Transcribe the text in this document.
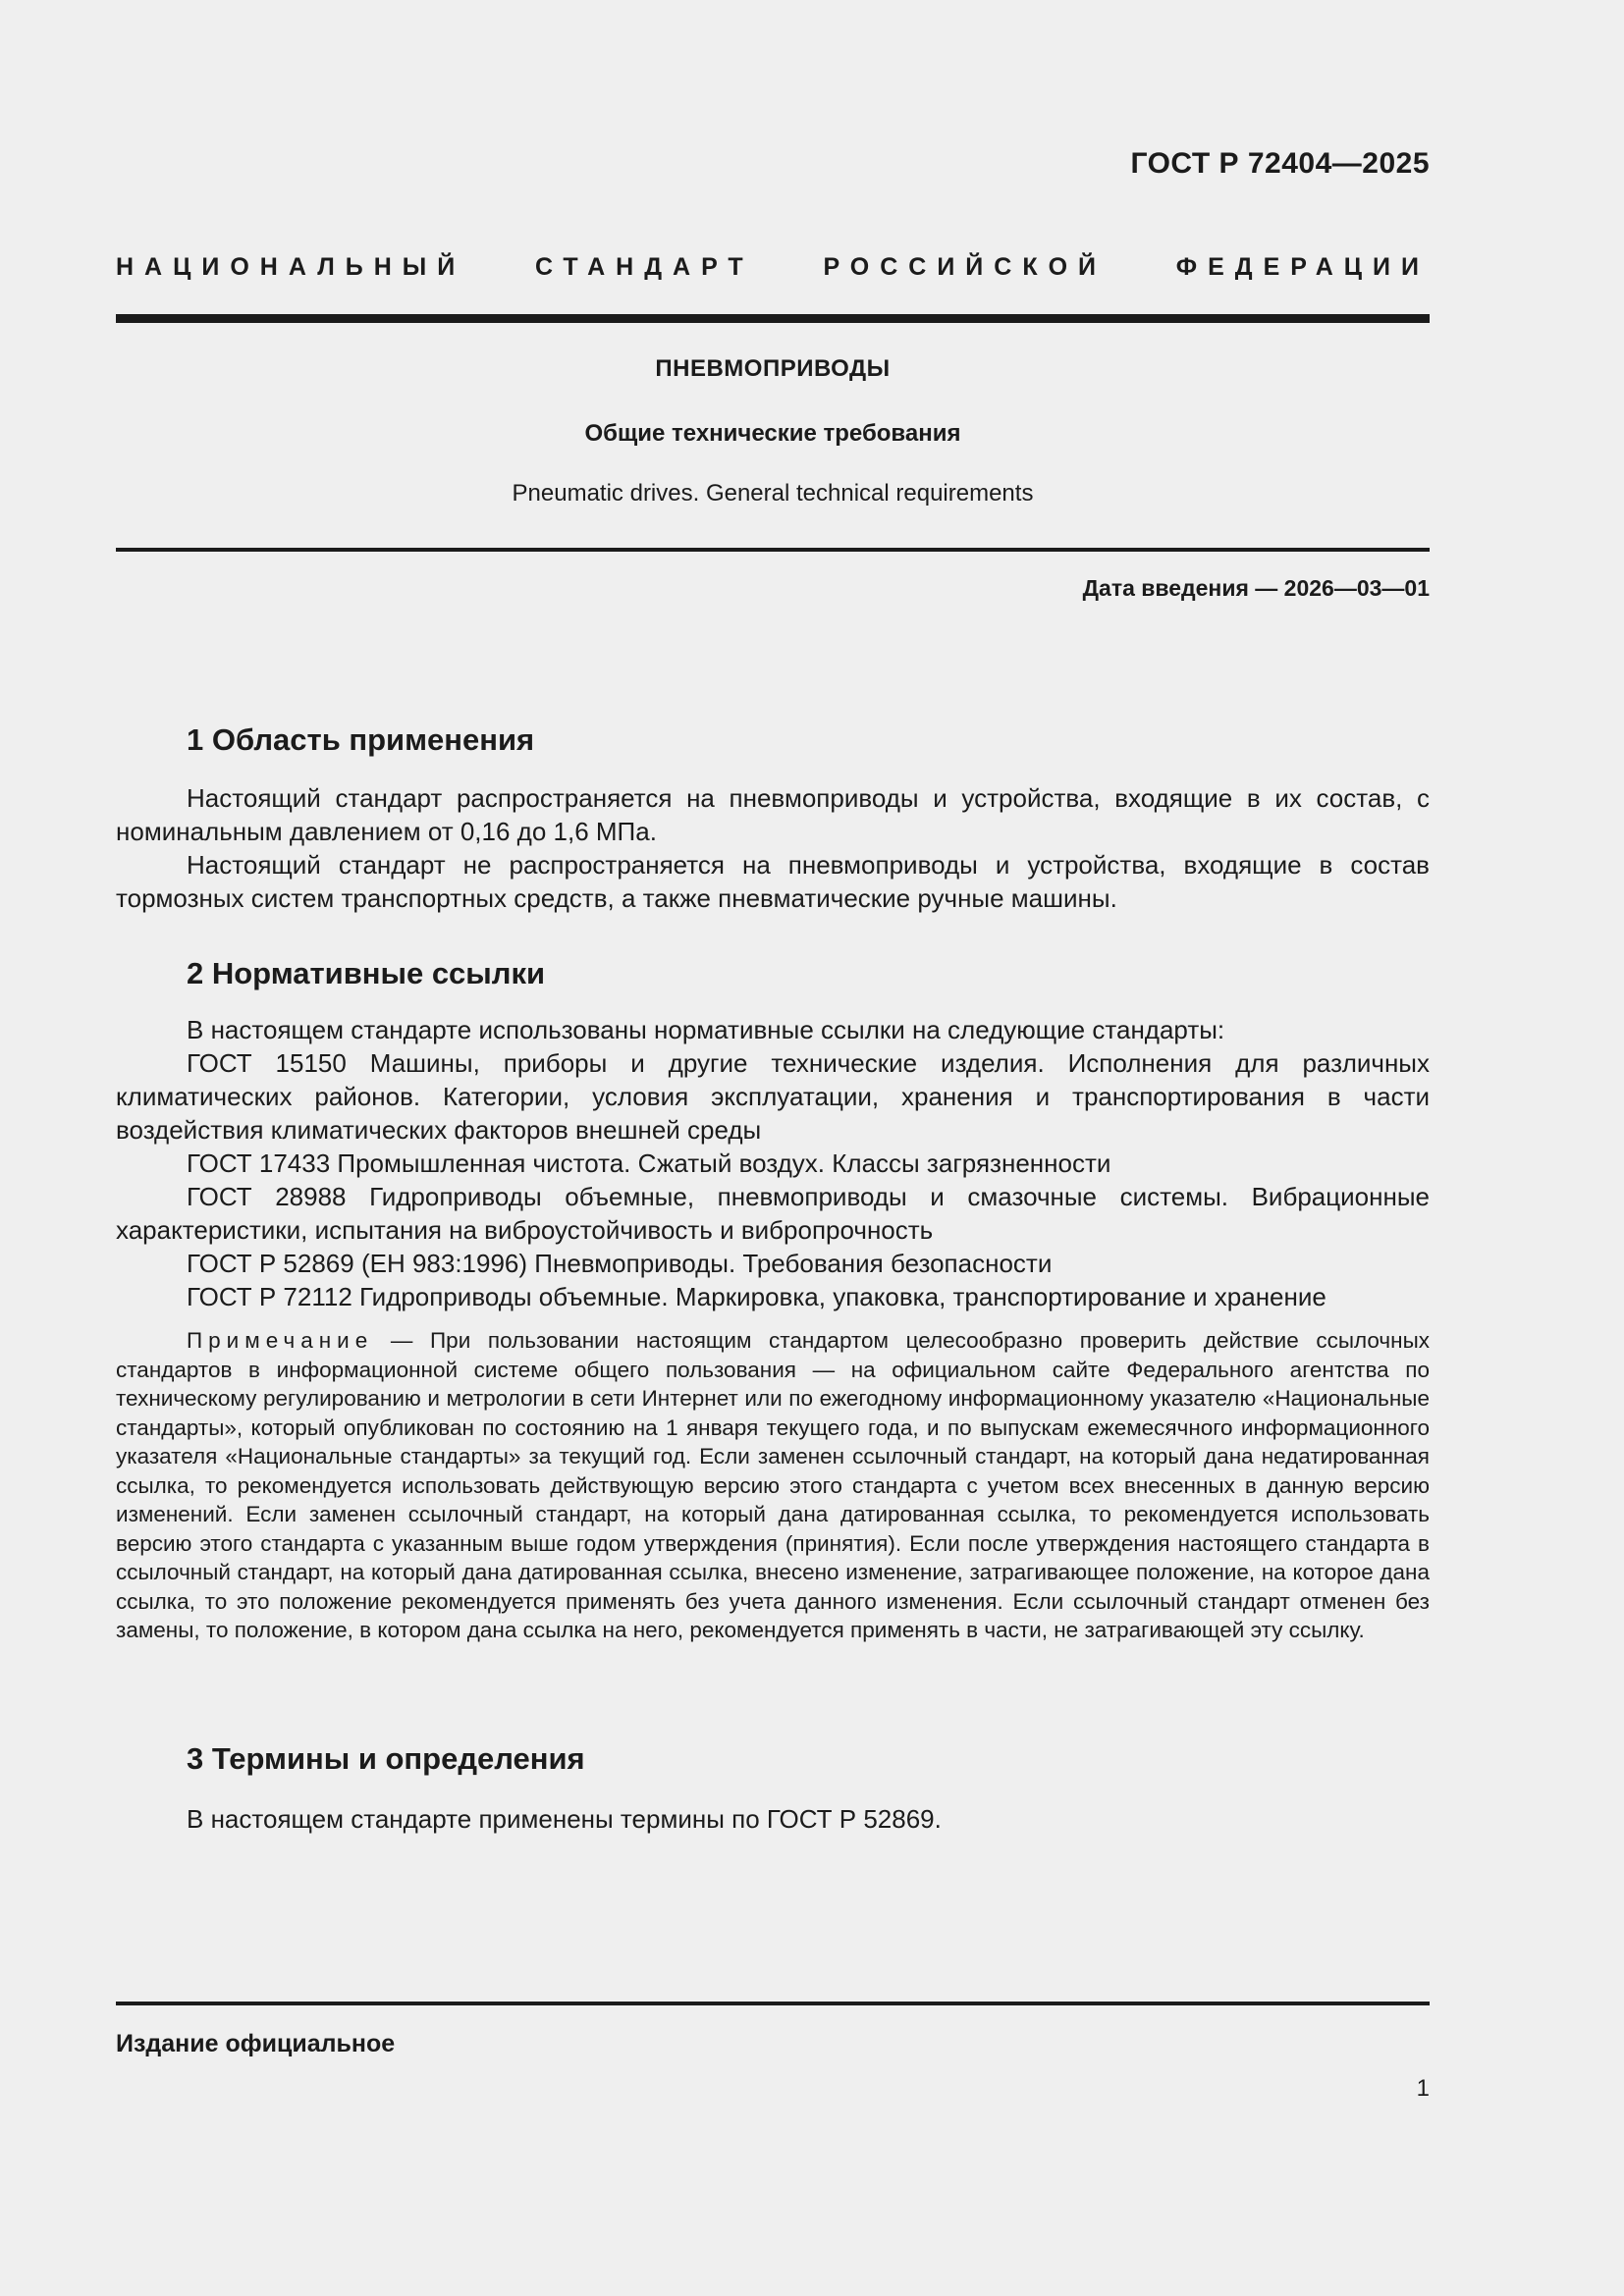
ГОСТ Р 72404—2025
НАЦИОНАЛЬНЫЙ СТАНДАРТ РОССИЙСКОЙ ФЕДЕРАЦИИ
ПНЕВМОПРИВОДЫ
Общие технические требования
Pneumatic drives. General technical requirements
Дата введения — 2026—03—01
1 Область применения

Настоящий стандарт распространяется на пневмоприводы и устройства, входящие в их состав, с номинальным давлением от 0,16 до 1,6 МПа.

Настоящий стандарт не распространяется на пневмоприводы и устройства, входящие в состав тормозных систем транспортных средств, а также пневматические ручные машины.

2 Нормативные ссылки

В настоящем стандарте использованы нормативные ссылки на следующие стандарты:

ГОСТ 15150 Машины, приборы и другие технические изделия. Исполнения для различных климатических районов. Категории, условия эксплуатации, хранения и транспортирования в части воздействия климатических факторов внешней среды

ГОСТ 17433 Промышленная чистота. Сжатый воздух. Классы загрязненности

ГОСТ 28988 Гидроприводы объемные, пневмоприводы и смазочные системы. Вибрационные характеристики, испытания на виброустойчивость и вибропрочность

ГОСТ Р 52869 (ЕН 983:1996) Пневмоприводы. Требования безопасности

ГОСТ Р 72112 Гидроприводы объемные. Маркировка, упаковка, транспортирование и хранение

Примечание — При пользовании настоящим стандартом целесообразно проверить действие ссылочных стандартов в информационной системе общего пользования — на официальном сайте Федерального агентства по техническому регулированию и метрологии в сети Интернет или по ежегодному информационному указателю «Национальные стандарты», который опубликован по состоянию на 1 января текущего года, и по выпускам ежемесячного информационного указателя «Национальные стандарты» за текущий год. Если заменен ссылочный стандарт, на который дана недатированная ссылка, то рекомендуется использовать действующую версию этого стандарта с учетом всех внесенных в данную версию изменений. Если заменен ссылочный стандарт, на который дана датированная ссылка, то рекомендуется использовать версию этого стандарта с указанным выше годом утверждения (принятия). Если после утверждения настоящего стандарта в ссылочный стандарт, на который дана датированная ссылка, внесено изменение, затрагивающее положение, на которое дана ссылка, то это положение рекомендуется применять без учета данного изменения. Если ссылочный стандарт отменен без замены, то положение, в котором дана ссылка на него, рекомендуется применять в части, не затрагивающей эту ссылку.

3 Термины и определения

В настоящем стандарте применены термины по ГОСТ Р 52869.

Издание официальное
1
